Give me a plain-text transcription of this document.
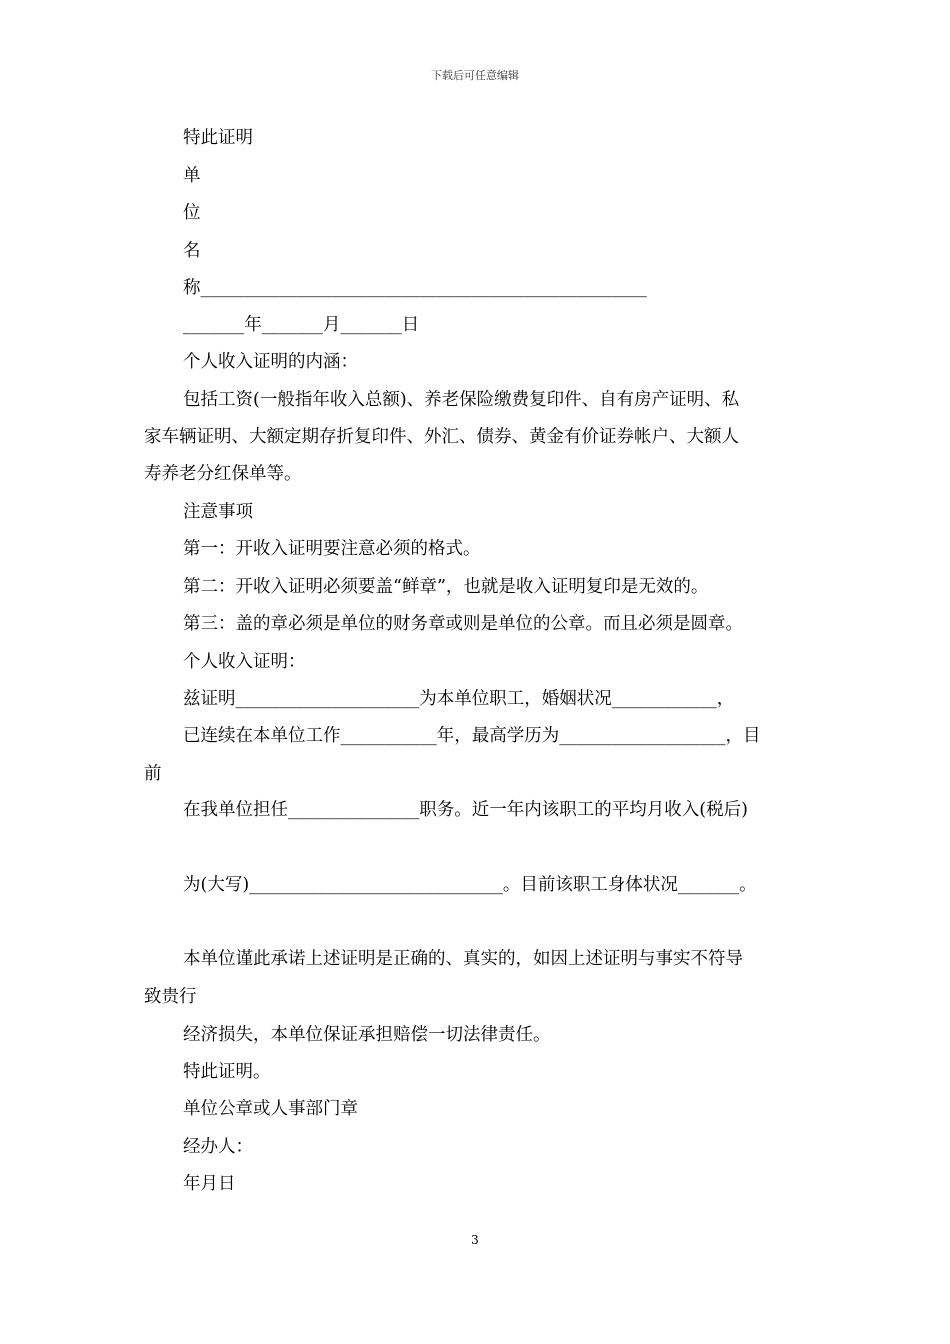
下载后可任意编辑
特此证明
单
位
名
称___________________________________________________
_______年_______月_______日
个人收入证明的内涵：
包括工资(一般指年收入总额)、养老保险缴费复印件、自有房产证明、私
家车辆证明、大额定期存折复印件、外汇、债券、黄金有价证券帐户、大额人
寿养老分红保单等。
注意事项
第一：开收入证明要注意必须的格式。
第二：开收入证明必须要盖“鲜章”，也就是收入证明复印是无效的。
第三：盖的章必须是单位的财务章或则是单位的公章。而且必须是圆章。
个人收入证明：
兹证明_____________________为本单位职工，婚姻状况____________，
已连续在本单位工作___________年，最高学历为___________________，目
前
在我单位担任_______________职务。近一年内该职工的平均月收入(税后)
为(大写)_____________________________。目前该职工身体状况_______。
本单位谨此承诺上述证明是正确的、真实的，如因上述证明与事实不符导
致贵行
经济损失，本单位保证承担赔偿一切法律责任。
特此证明。
单位公章或人事部门章
经办人：
年月日
3
